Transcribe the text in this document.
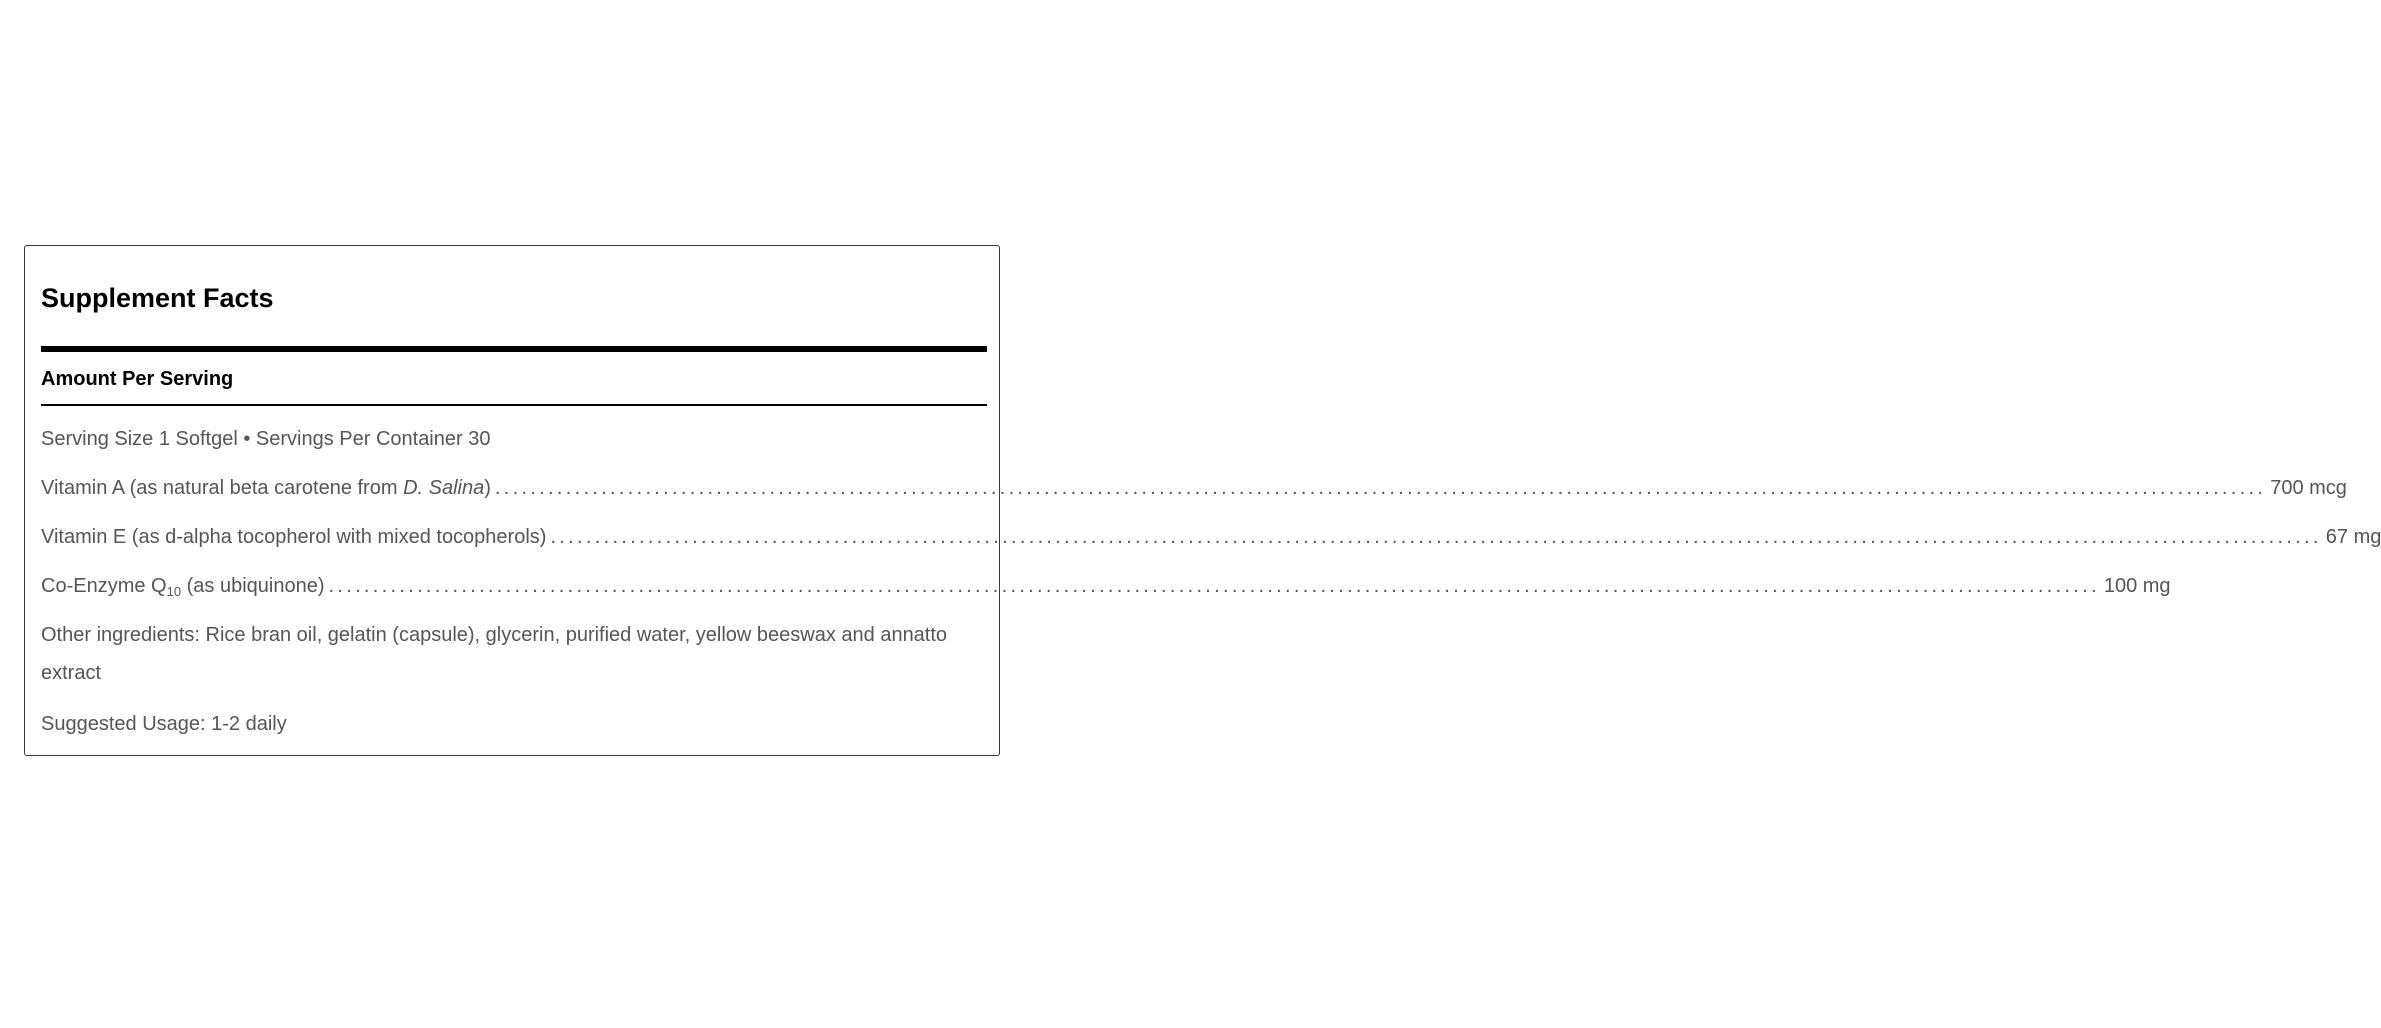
Supplement Facts
Amount Per Serving
Serving Size 1 Softgel • Servings Per Container 30
Vitamin A (as natural beta carotene from D. Salina) ........................................................................................................................................................................................................ 700 mcg
Vitamin E (as d-alpha tocopherol with mixed tocopherols) ........................................................................................................................................................................................................ 67 mg
Co-Enzyme $Q_{10}$ (as ubiquinone) ........................................................................................................................................................................................................ 100 mg
Other ingredients: Rice bran oil, gelatin (capsule), glycerin, purified water, yellow beeswax and annatto extract
Suggested Usage: 1-2 daily
